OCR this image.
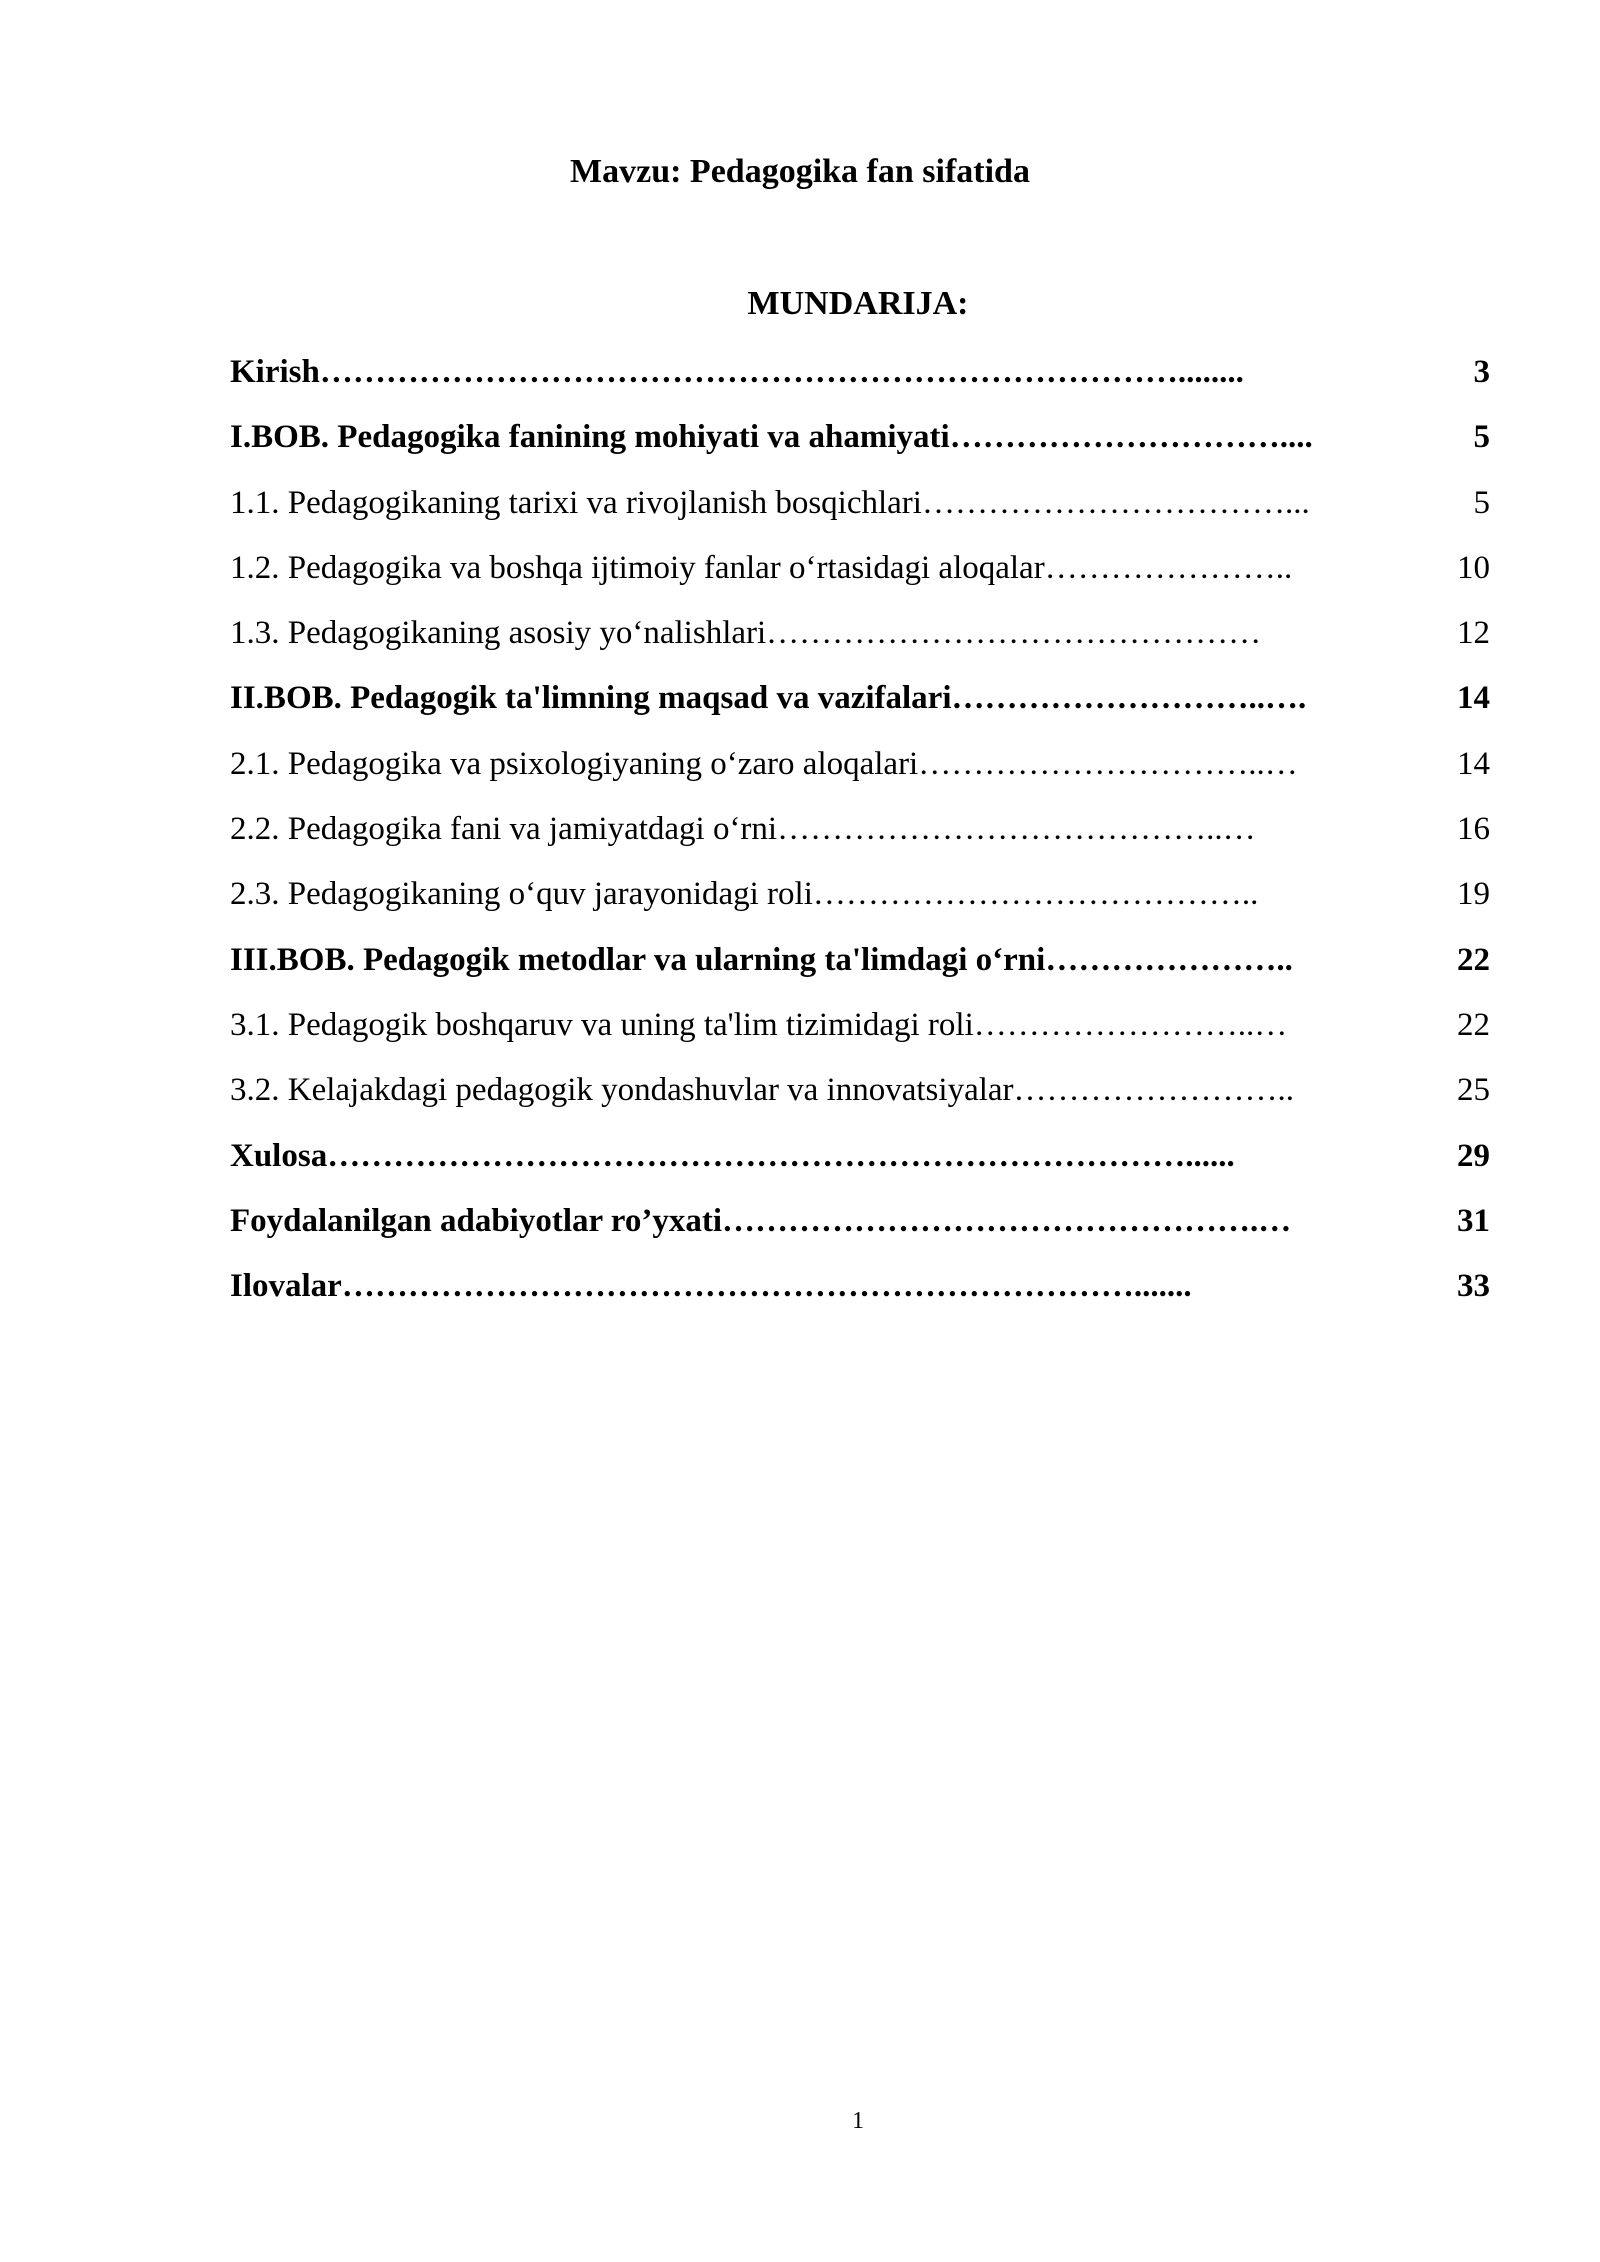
Mavzu: Pedagogika fan sifatida
MUNDARIJA:
Kirish ……………………………………………………………………........	3
I.BOB. Pedagogika fanining mohiyati va ahamiyati …………………………....	5
1.1. Pedagogikaning tarixi va rivojlanish bosqichlari ……………………………...	5
1.2. Pedagogika va boshqa ijtimoiy fanlar o‘rtasidagi aloqalar …………………..	10
1.3. Pedagogikaning asosiy yo‘nalishlari ………………………………………	12
II.BOB. Pedagogik ta'limning maqsad va vazifalari ………………………..….	14
2.1. Pedagogika va psixologiyaning o‘zaro aloqalari …………………………..…	14
2.2. Pedagogika fani va jamiyatdagi o‘rni …………………………………..…	16
2.3. Pedagogikaning o‘quv jarayonidagi roli …………………………………..	19
III.BOB. Pedagogik metodlar va ularning ta'limdagi o‘rni …………………..	22
3.1. Pedagogik boshqaruv va uning ta'lim tizimidagi roli ……………………..…	22
3.2. Kelajakdagi pedagogik yondashuvlar va innovatsiyalar ……………………..	25
Xulosa ……………………………………………………………………......	29
Foydalanilgan adabiyotlar ro’yxati ………………………………………….…	31
Ilovalar ……………………………………………………………….......	33
1
